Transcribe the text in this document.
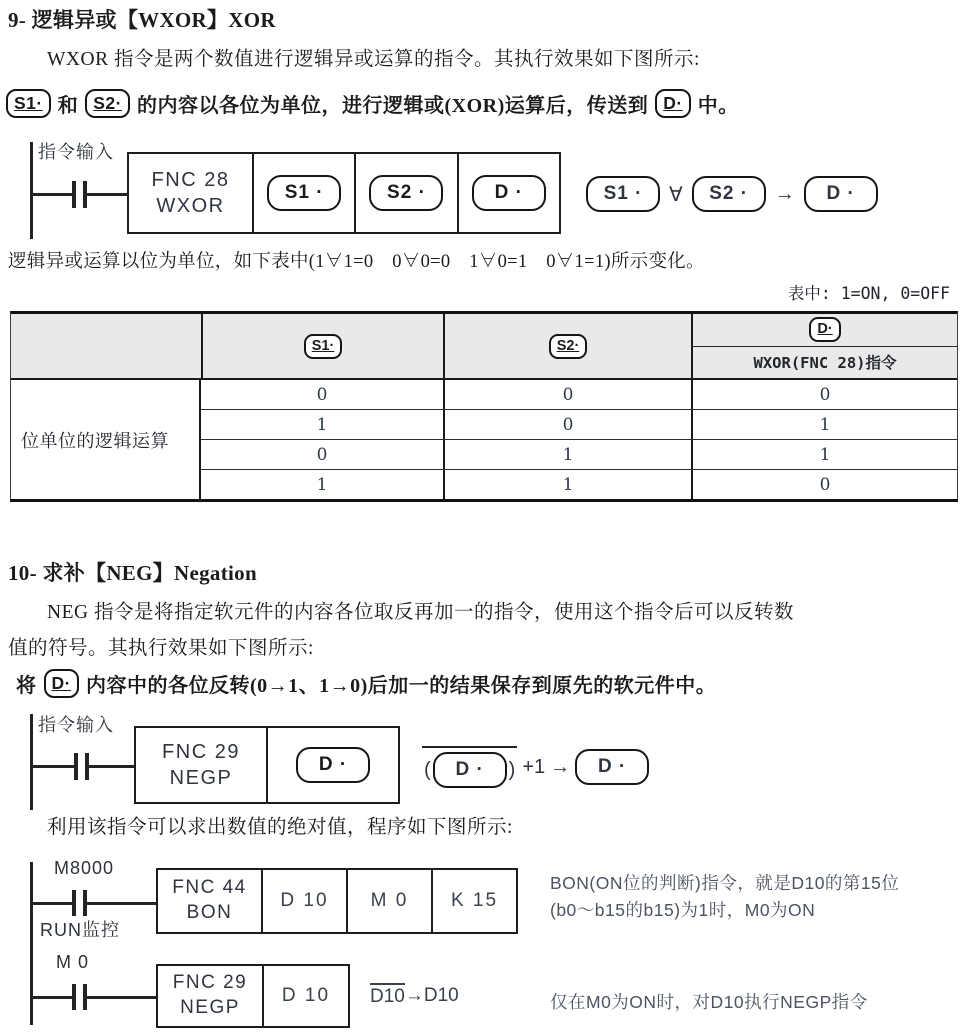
9- 逻辑异或【WXOR】XOR
WXOR 指令是两个数值进行逻辑异或运算的指令。其执行效果如下图所示:
S1· 和 S2· 的内容以各位为单位，进行逻辑或(XOR)运算后，传送到 D· 中。
指令输入
FNC 28
WXOR
S1 ·	S2 ·	D ·	S1 · ∀ S2 · → D ·
逻辑异或运算以位为单位，如下表中(1∀1=0　0∀0=0　1∀0=1　0∀1=1)所示变化。
表中: 1=ON, 0=OFF
S1·	S2·
D·
WXOR(FNC 28)指令
位单位的逻辑运算
0	0	0
1	0	1
0	1	1
1	1	0
10- 求补【NEG】Negation
NEG 指令是将指定软元件的内容各位取反再加一的指令，使用这个指令后可以反转数
值的符号。其执行效果如下图所示:
将 D· 内容中的各位反转(0→1、1→0)后加一的结果保存到原先的软元件中。
指令输入
FNC 29
NEGP
D ·	( D · ) +1 → D ·
利用该指令可以求出数值的绝对值，程序如下图所示:
M8000
RUN监控
FNC 44
BON
D 10 M 0 K 15
BON(ON位的判断)指令，就是D10的第15位
(b0～b15的b15)为1时，M0为ON
M 0
FNC 29
NEGP
D 10 D10 →D10	仅在M0为ON时，对D10执行NEGP指令
